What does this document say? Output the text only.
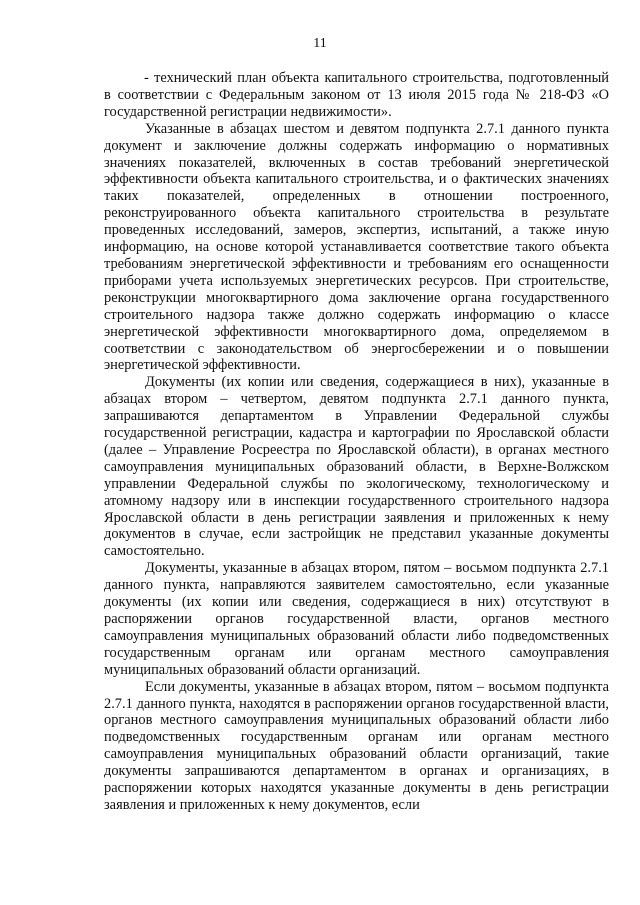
11

- технический план объекта капитального строительства, подготовленный в соответствии с Федеральным законом от 13 июля 2015 года № 218-ФЗ «О государственной регистрации недвижимости».

Указанные в абзацах шестом и девятом подпункта 2.7.1 данного пункта документ и заключение должны содержать информацию о нормативных значениях показателей, включенных в состав требований энергетической эффективности объекта капитального строительства, и о фактических значениях таких показателей, определенных в отношении построенного, реконструированного объекта капитального строительства в результате проведенных исследований, замеров, экспертиз, испытаний, а также иную информацию, на основе которой устанавливается соответствие такого объекта требованиям энергетической эффективности и требованиям его оснащенности приборами учета используемых энергетических ресурсов. При строительстве, реконструкции многоквартирного дома заключение органа государственного строительного надзора также должно содержать информацию о классе энергетической эффективности многоквартирного дома, определяемом в соответствии с законодательством об энергосбережении и о повышении энергетической эффективности.

Документы (их копии или сведения, содержащиеся в них), указанные в абзацах втором – четвертом, девятом подпункта 2.7.1 данного пункта, запрашиваются департаментом в Управлении Федеральной службы государственной регистрации, кадастра и картографии по Ярославской области (далее – Управление Росреестра по Ярославской области), в органах местного самоуправления муниципальных образований области, в Верхне-Волжском управлении Федеральной службы по экологическому, технологическому и атомному надзору или в инспекции государственного строительного надзора Ярославской области в день регистрации заявления и приложенных к нему документов в случае, если застройщик не представил указанные документы самостоятельно.

Документы, указанные в абзацах втором, пятом – восьмом подпункта 2.7.1 данного пункта, направляются заявителем самостоятельно, если указанные документы (их копии или сведения, содержащиеся в них) отсутствуют в распоряжении органов государственной власти, органов местного самоуправления муниципальных образований области либо подведомственных государственным органам или органам местного самоуправления муниципальных образований области организаций.

Если документы, указанные в абзацах втором, пятом – восьмом подпункта 2.7.1 данного пункта, находятся в распоряжении органов государственной власти, органов местного самоуправления муниципальных образований области либо подведомственных государственным органам или органам местного самоуправления муниципальных образований области организаций, такие документы запрашиваются департаментом в органах и организациях, в распоряжении которых находятся указанные документы в день регистрации заявления и приложенных к нему документов, если
